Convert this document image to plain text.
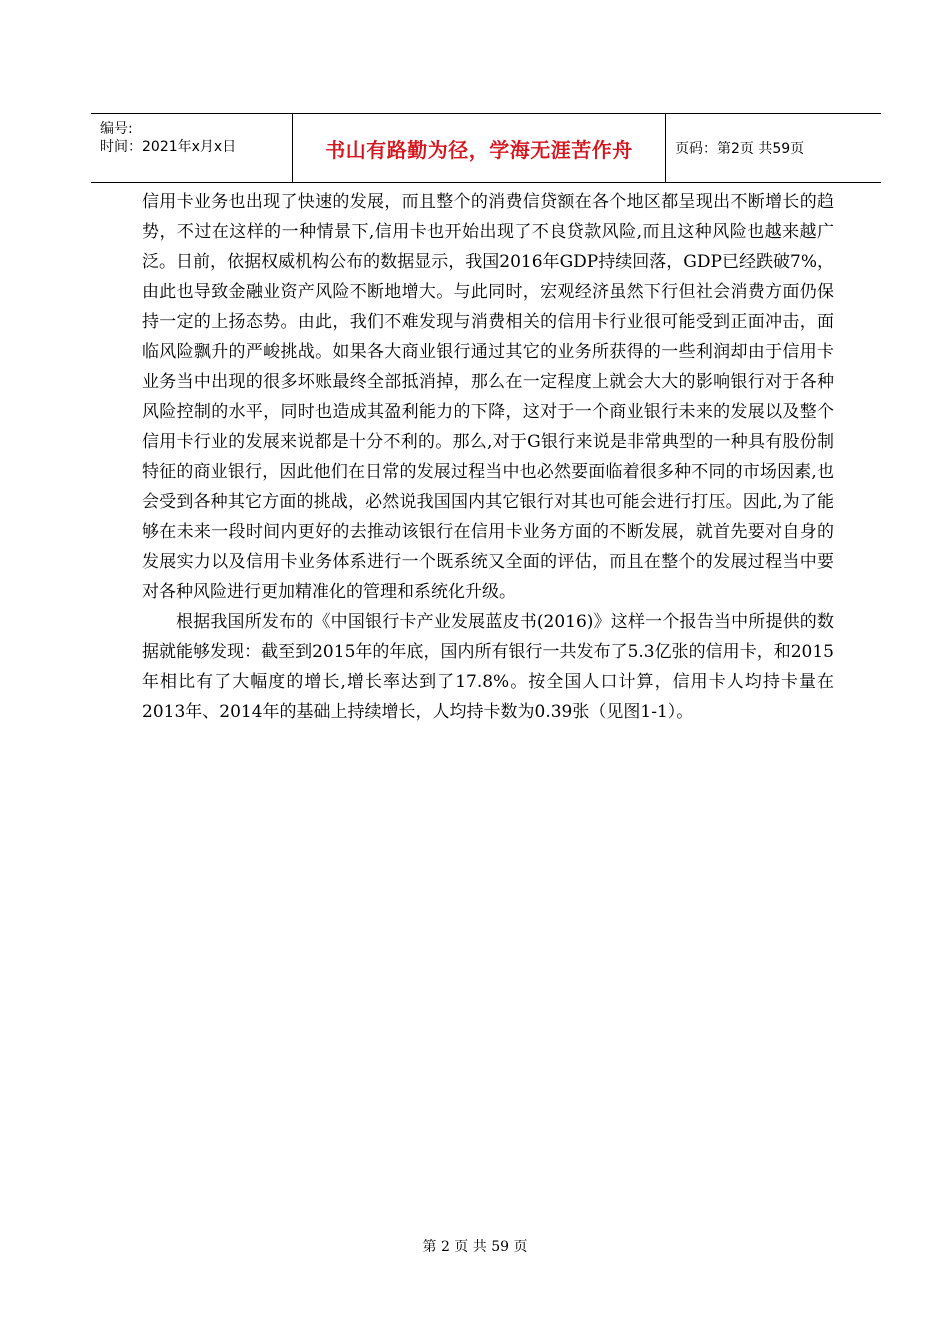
编号:
时间：2021年x月x日	书山有路勤为径，学海无涯苦作舟	页码：第2页 共59页

信用卡业务也出现了快速的发展，而且整个的消费信贷额在各个地区都呈现出不断增长的趋势，不过在这样的一种情景下,信用卡也开始出现了不良贷款风险,而且这种风险也越来越广泛。日前，依据权威机构公布的数据显示，我国2016年GDP持续回落，GDP已经跌破7%，由此也导致金融业资产风险不断地增大。与此同时，宏观经济虽然下行但社会消费方面仍保持一定的上扬态势。由此，我们不难发现与消费相关的信用卡行业很可能受到正面冲击，面临风险飘升的严峻挑战。如果各大商业银行通过其它的业务所获得的一些利润却由于信用卡业务当中出现的很多坏账最终全部抵消掉，那么在一定程度上就会大大的影响银行对于各种风险控制的水平，同时也造成其盈利能力的下降，这对于一个商业银行未来的发展以及整个信用卡行业的发展来说都是十分不利的。那么,对于G银行来说是非常典型的一种具有股份制特征的商业银行，因此他们在日常的发展过程当中也必然要面临着很多种不同的市场因素,也会受到各种其它方面的挑战，必然说我国国内其它银行对其也可能会进行打压。因此,为了能够在未来一段时间内更好的去推动该银行在信用卡业务方面的不断发展，就首先要对自身的发展实力以及信用卡业务体系进行一个既系统又全面的评估，而且在整个的发展过程当中要对各种风险进行更加精准化的管理和系统化升级。

根据我国所发布的《中国银行卡产业发展蓝皮书(2016)》这样一个报告当中所提供的数据就能够发现：截至到2015年的年底，国内所有银行一共发布了5.3亿张的信用卡，和2015年相比有了大幅度的增长,增长率达到了17.8%。按全国人口计算，信用卡人均持卡量在2013年、2014年的基础上持续增长，人均持卡数为0.39张（见图1-1）。

第 2 页 共 59 页
